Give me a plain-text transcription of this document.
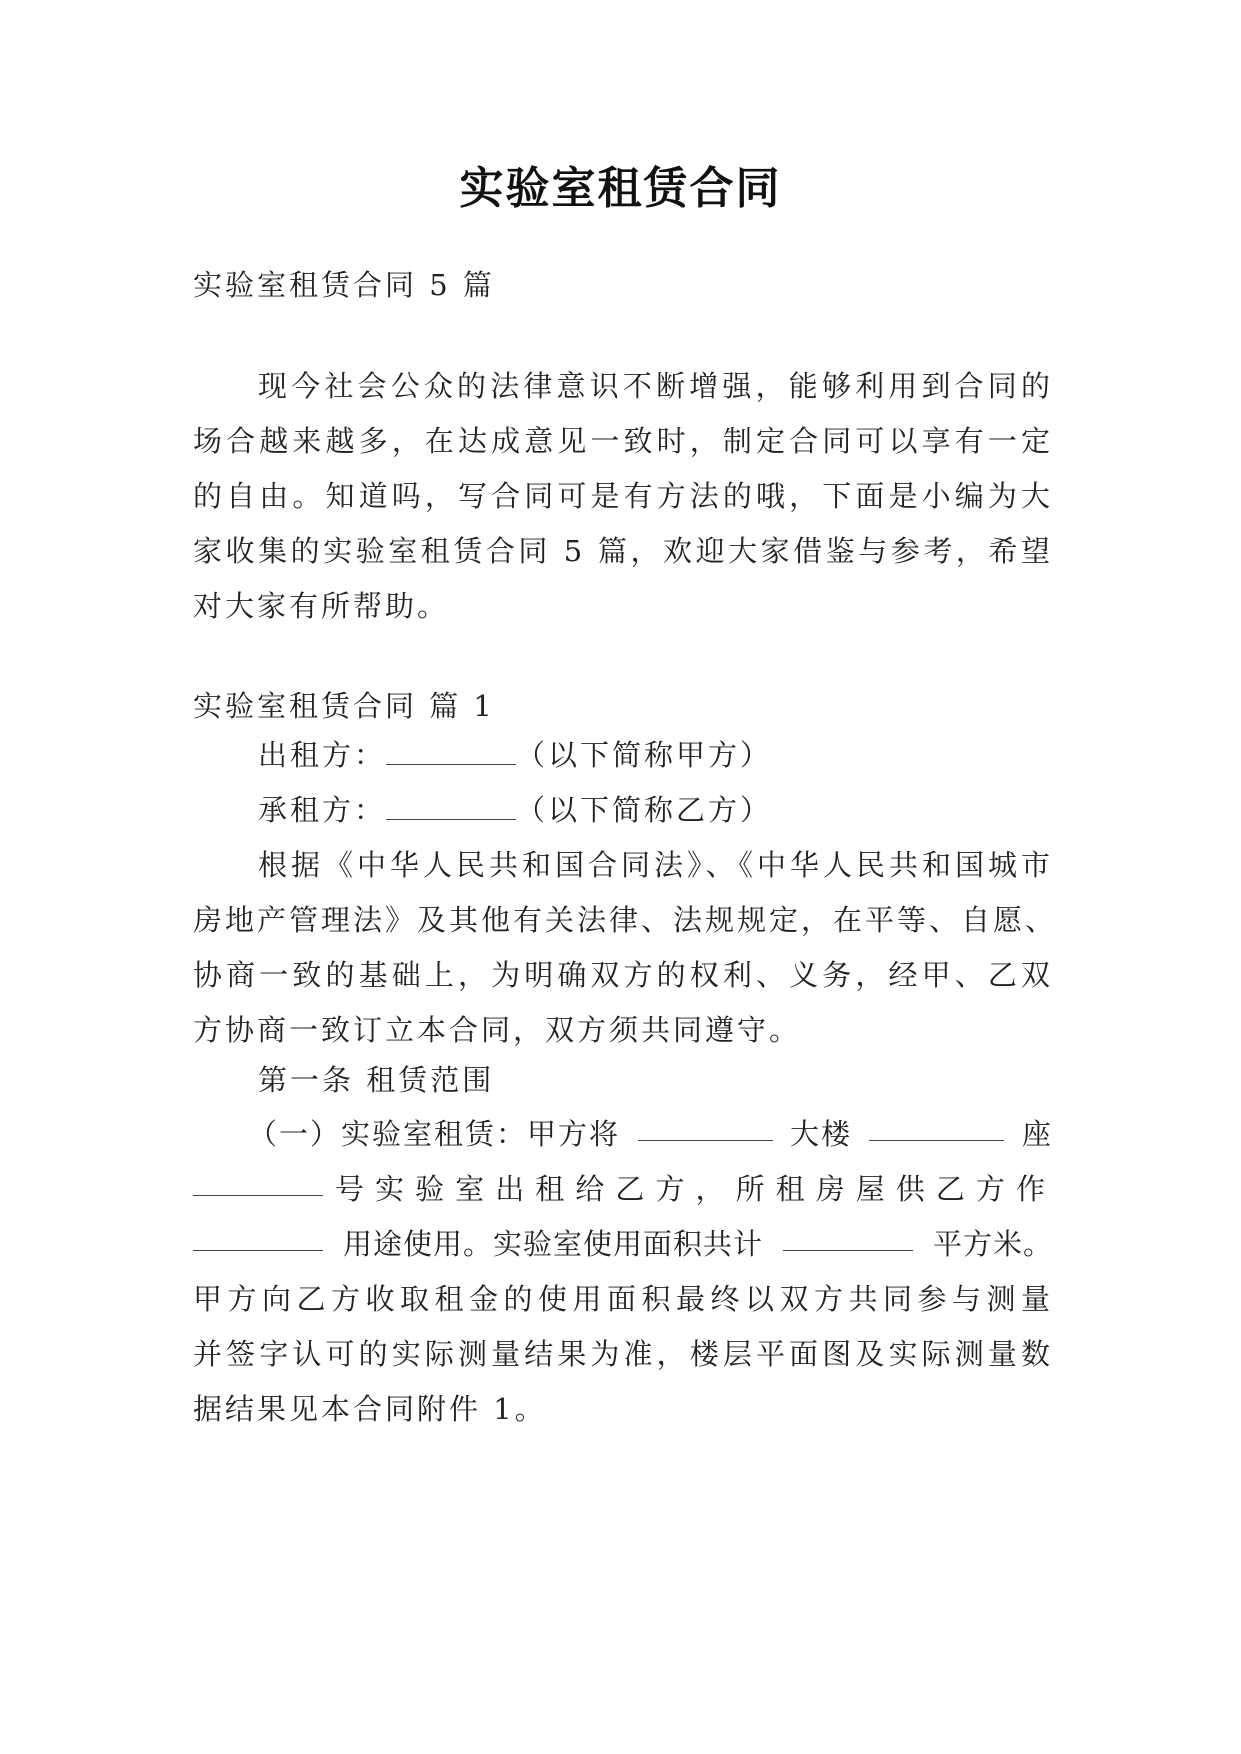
实验室租赁合同
实验室租赁合同 5 篇
现今社会公众的法律意识不断增强，能够利用到合同的
场合越来越多，在达成意见一致时，制定合同可以享有一定
的自由。知道吗，写合同可是有方法的哦，下面是小编为大
家收集的实验室租赁合同 5 篇，欢迎大家借鉴与参考，希望
对大家有所帮助。
实验室租赁合同 篇 1
出租方：	（以下简称甲方）
承租方：	（以下简称乙方）
根据《中华人民共和国合同法》、《中华人民共和国城市
房地产管理法》及其他有关法律、法规规定，在平等、自愿、
协商一致的基础上，为明确双方的权利、义务，经甲、乙双
方协商一致订立本合同，双方须共同遵守。
第一条 租赁范围
（一）实验室租赁：甲方将	大楼	座
号实验室出租给乙方，所租房屋供乙方作
用途使用。实验室使用面积共计	平方米。
甲方向乙方收取租金的使用面积最终以双方共同参与测量
并签字认可的实际测量结果为准，楼层平面图及实际测量数
据结果见本合同附件 1。
